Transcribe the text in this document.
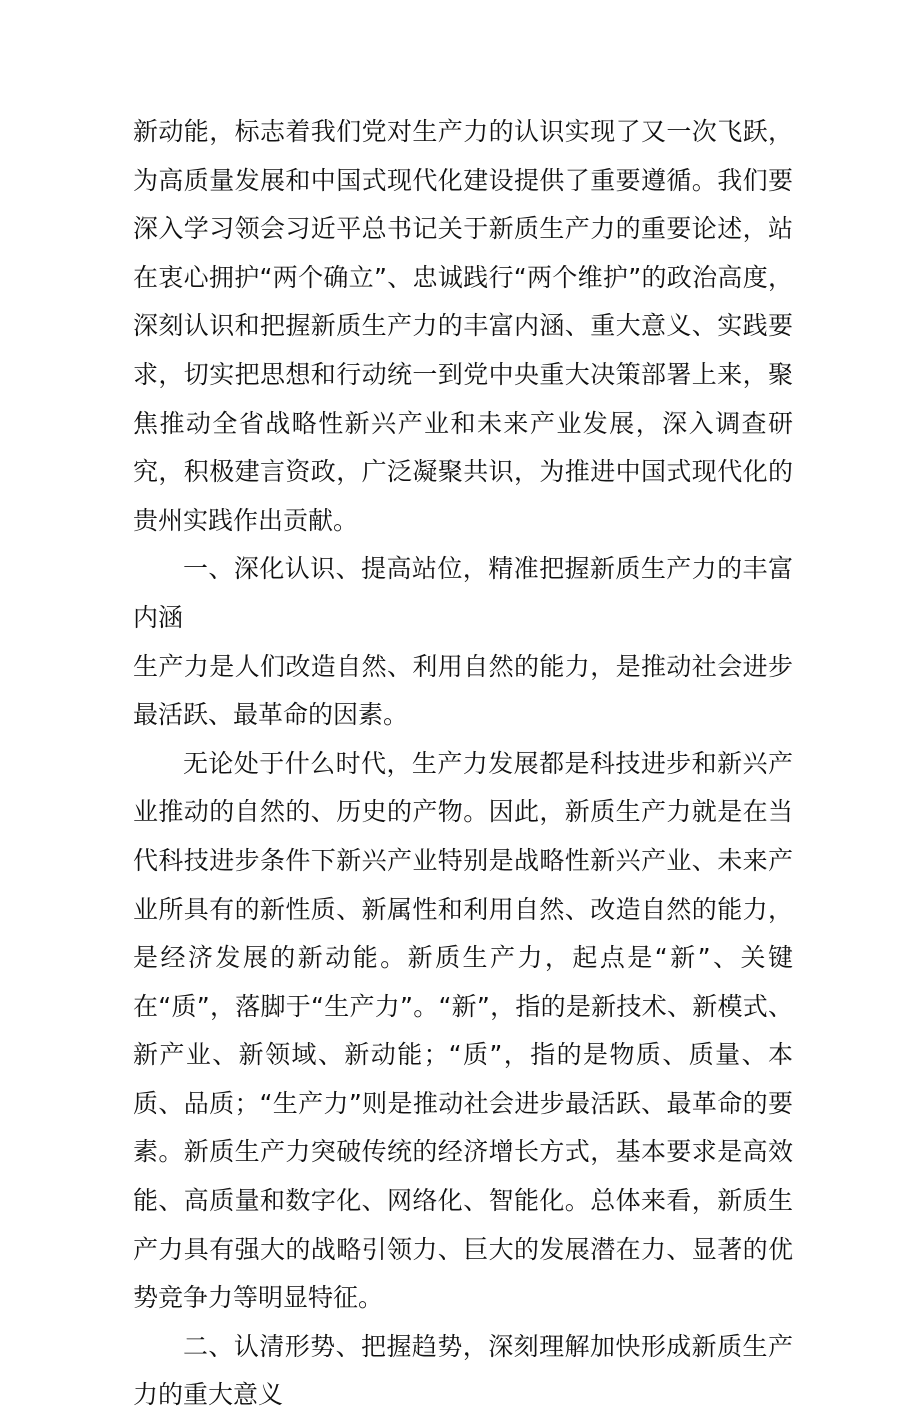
新动能，标志着我们党对生产力的认识实现了又一次飞跃，为高质量发展和中国式现代化建设提供了重要遵循。我们要深入学习领会习近平总书记关于新质生产力的重要论述，站在衷心拥护“两个确立”、忠诚践行“两个维护”的政治高度，深刻认识和把握新质生产力的丰富内涵、重大意义、实践要求，切实把思想和行动统一到党中央重大决策部署上来，聚焦推动全省战略性新兴产业和未来产业发展，深入调查研究，积极建言资政，广泛凝聚共识，为推进中国式现代化的贵州实践作出贡献。

一、深化认识、提高站位，精准把握新质生产力的丰富内涵

生产力是人们改造自然、利用自然的能力，是推动社会进步最活跃、最革命的因素。

无论处于什么时代，生产力发展都是科技进步和新兴产业推动的自然的、历史的产物。因此，新质生产力就是在当代科技进步条件下新兴产业特别是战略性新兴产业、未来产业所具有的新性质、新属性和利用自然、改造自然的能力，是经济发展的新动能。新质生产力，起点是“新”、关键在“质”，落脚于“生产力”。“新”，指的是新技术、新模式、新产业、新领域、新动能；“质”，指的是物质、质量、本质、品质；“生产力”则是推动社会进步最活跃、最革命的要素。新质生产力突破传统的经济增长方式，基本要求是高效能、高质量和数字化、网络化、智能化。总体来看，新质生产力具有强大的战略引领力、巨大的发展潜在力、显著的优势竞争力等明显特征。

二、认清形势、把握趋势，深刻理解加快形成新质生产力的重大意义
